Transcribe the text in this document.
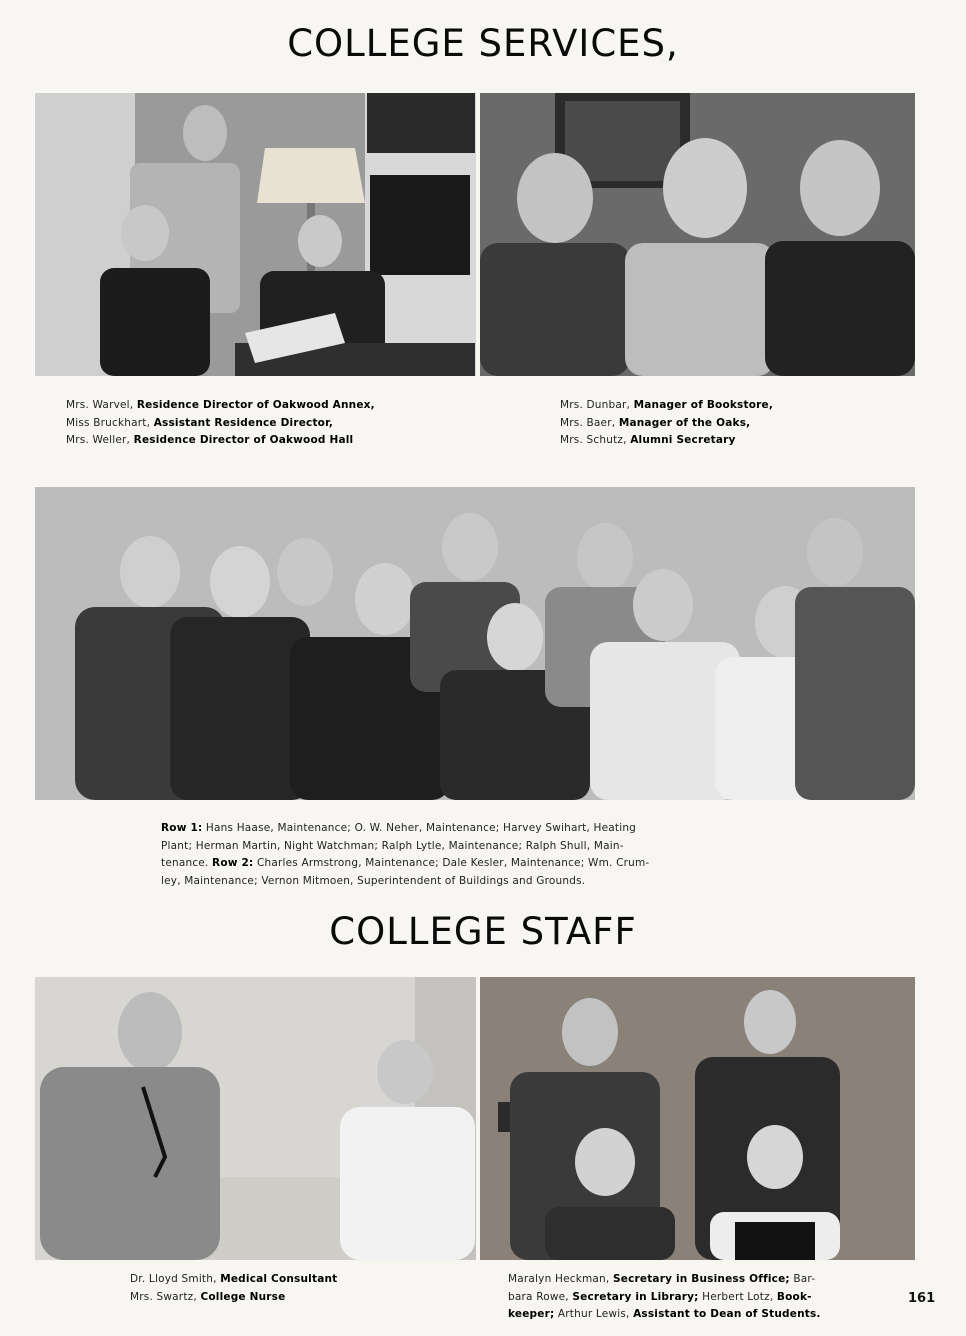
COLLEGE SERVICES,
COLLEGE STAFF
Mrs. Warvel, Residence Director of Oakwood Annex,
Miss Bruckhart, Assistant Residence Director,
Mrs. Weller, Residence Director of Oakwood Hall
Mrs. Dunbar, Manager of Bookstore,
Mrs. Baer, Manager of the Oaks,
Mrs. Schutz, Alumni Secretary
Row 1: Hans Haase, Maintenance; O. W. Neher, Maintenance; Harvey Swihart, Heating
Plant; Herman Martin, Night Watchman; Ralph Lytle, Maintenance; Ralph Shull, Main-
tenance. Row 2: Charles Armstrong, Maintenance; Dale Kesler, Maintenance; Wm. Crum-
ley, Maintenance; Vernon Mitmoen, Superintendent of Buildings and Grounds.
Dr. Lloyd Smith, Medical Consultant
Mrs. Swartz, College Nurse
Maralyn Heckman, Secretary in Business Office; Bar-
bara Rowe, Secretary in Library; Herbert Lotz, Book-
keeper; Arthur Lewis, Assistant to Dean of Students.
161
